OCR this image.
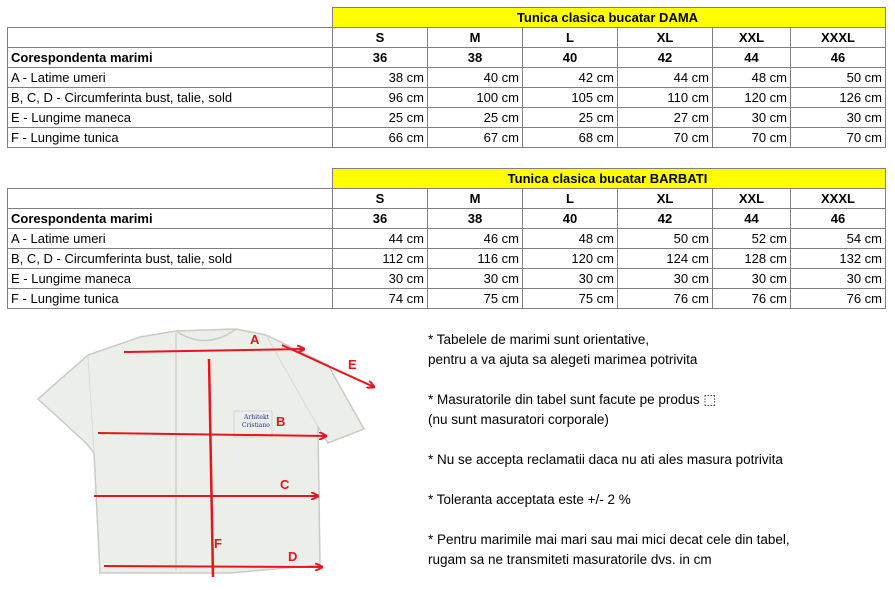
	Tunica clasica bucatar DAMA					
	S	M	L	XL	XXL	XXXL
Corespondenta marimi	36	38	40	42	44	46
A - Latime umeri	38 cm	40 cm	42 cm	44 cm	48 cm	50 cm
B, C, D - Circumferinta bust, talie, sold	96 cm	100 cm	105 cm	110 cm	120 cm	126 cm
E - Lungime maneca	25 cm	25 cm	25 cm	27 cm	30 cm	30 cm
F - Lungime tunica	66 cm	67 cm	68 cm	70 cm	70 cm	70 cm
	Tunica clasica bucatar BARBATI					
	S	M	L	XL	XXL	XXXL
Corespondenta marimi	36	38	40	42	44	46
A - Latime umeri	44 cm	46 cm	48 cm	50 cm	52 cm	54 cm
B, C, D - Circumferinta bust, talie, sold	112 cm	116 cm	120 cm	124 cm	128 cm	132 cm
E - Lungime maneca	30 cm	30 cm	30 cm	30 cm	30 cm	30 cm
F - Lungime tunica	74 cm	75 cm	75 cm	76 cm	76 cm	76 cm
Arhitekt
Cristiano
A
B
C
D
E
F

* Tabelele de marimi sunt orientative,

pentru a va ajuta sa alegeti marimea potrivita

* Masuratorile din tabel sunt facute pe produs ⬚

(nu sunt masuratori corporale)

* Nu se accepta reclamatii daca nu ati ales masura potrivita

* Toleranta acceptata este +/- 2 %

* Pentru marimile mai mari sau mai mici decat cele din tabel,

rugam sa ne transmiteti masuratorile dvs. in cm
